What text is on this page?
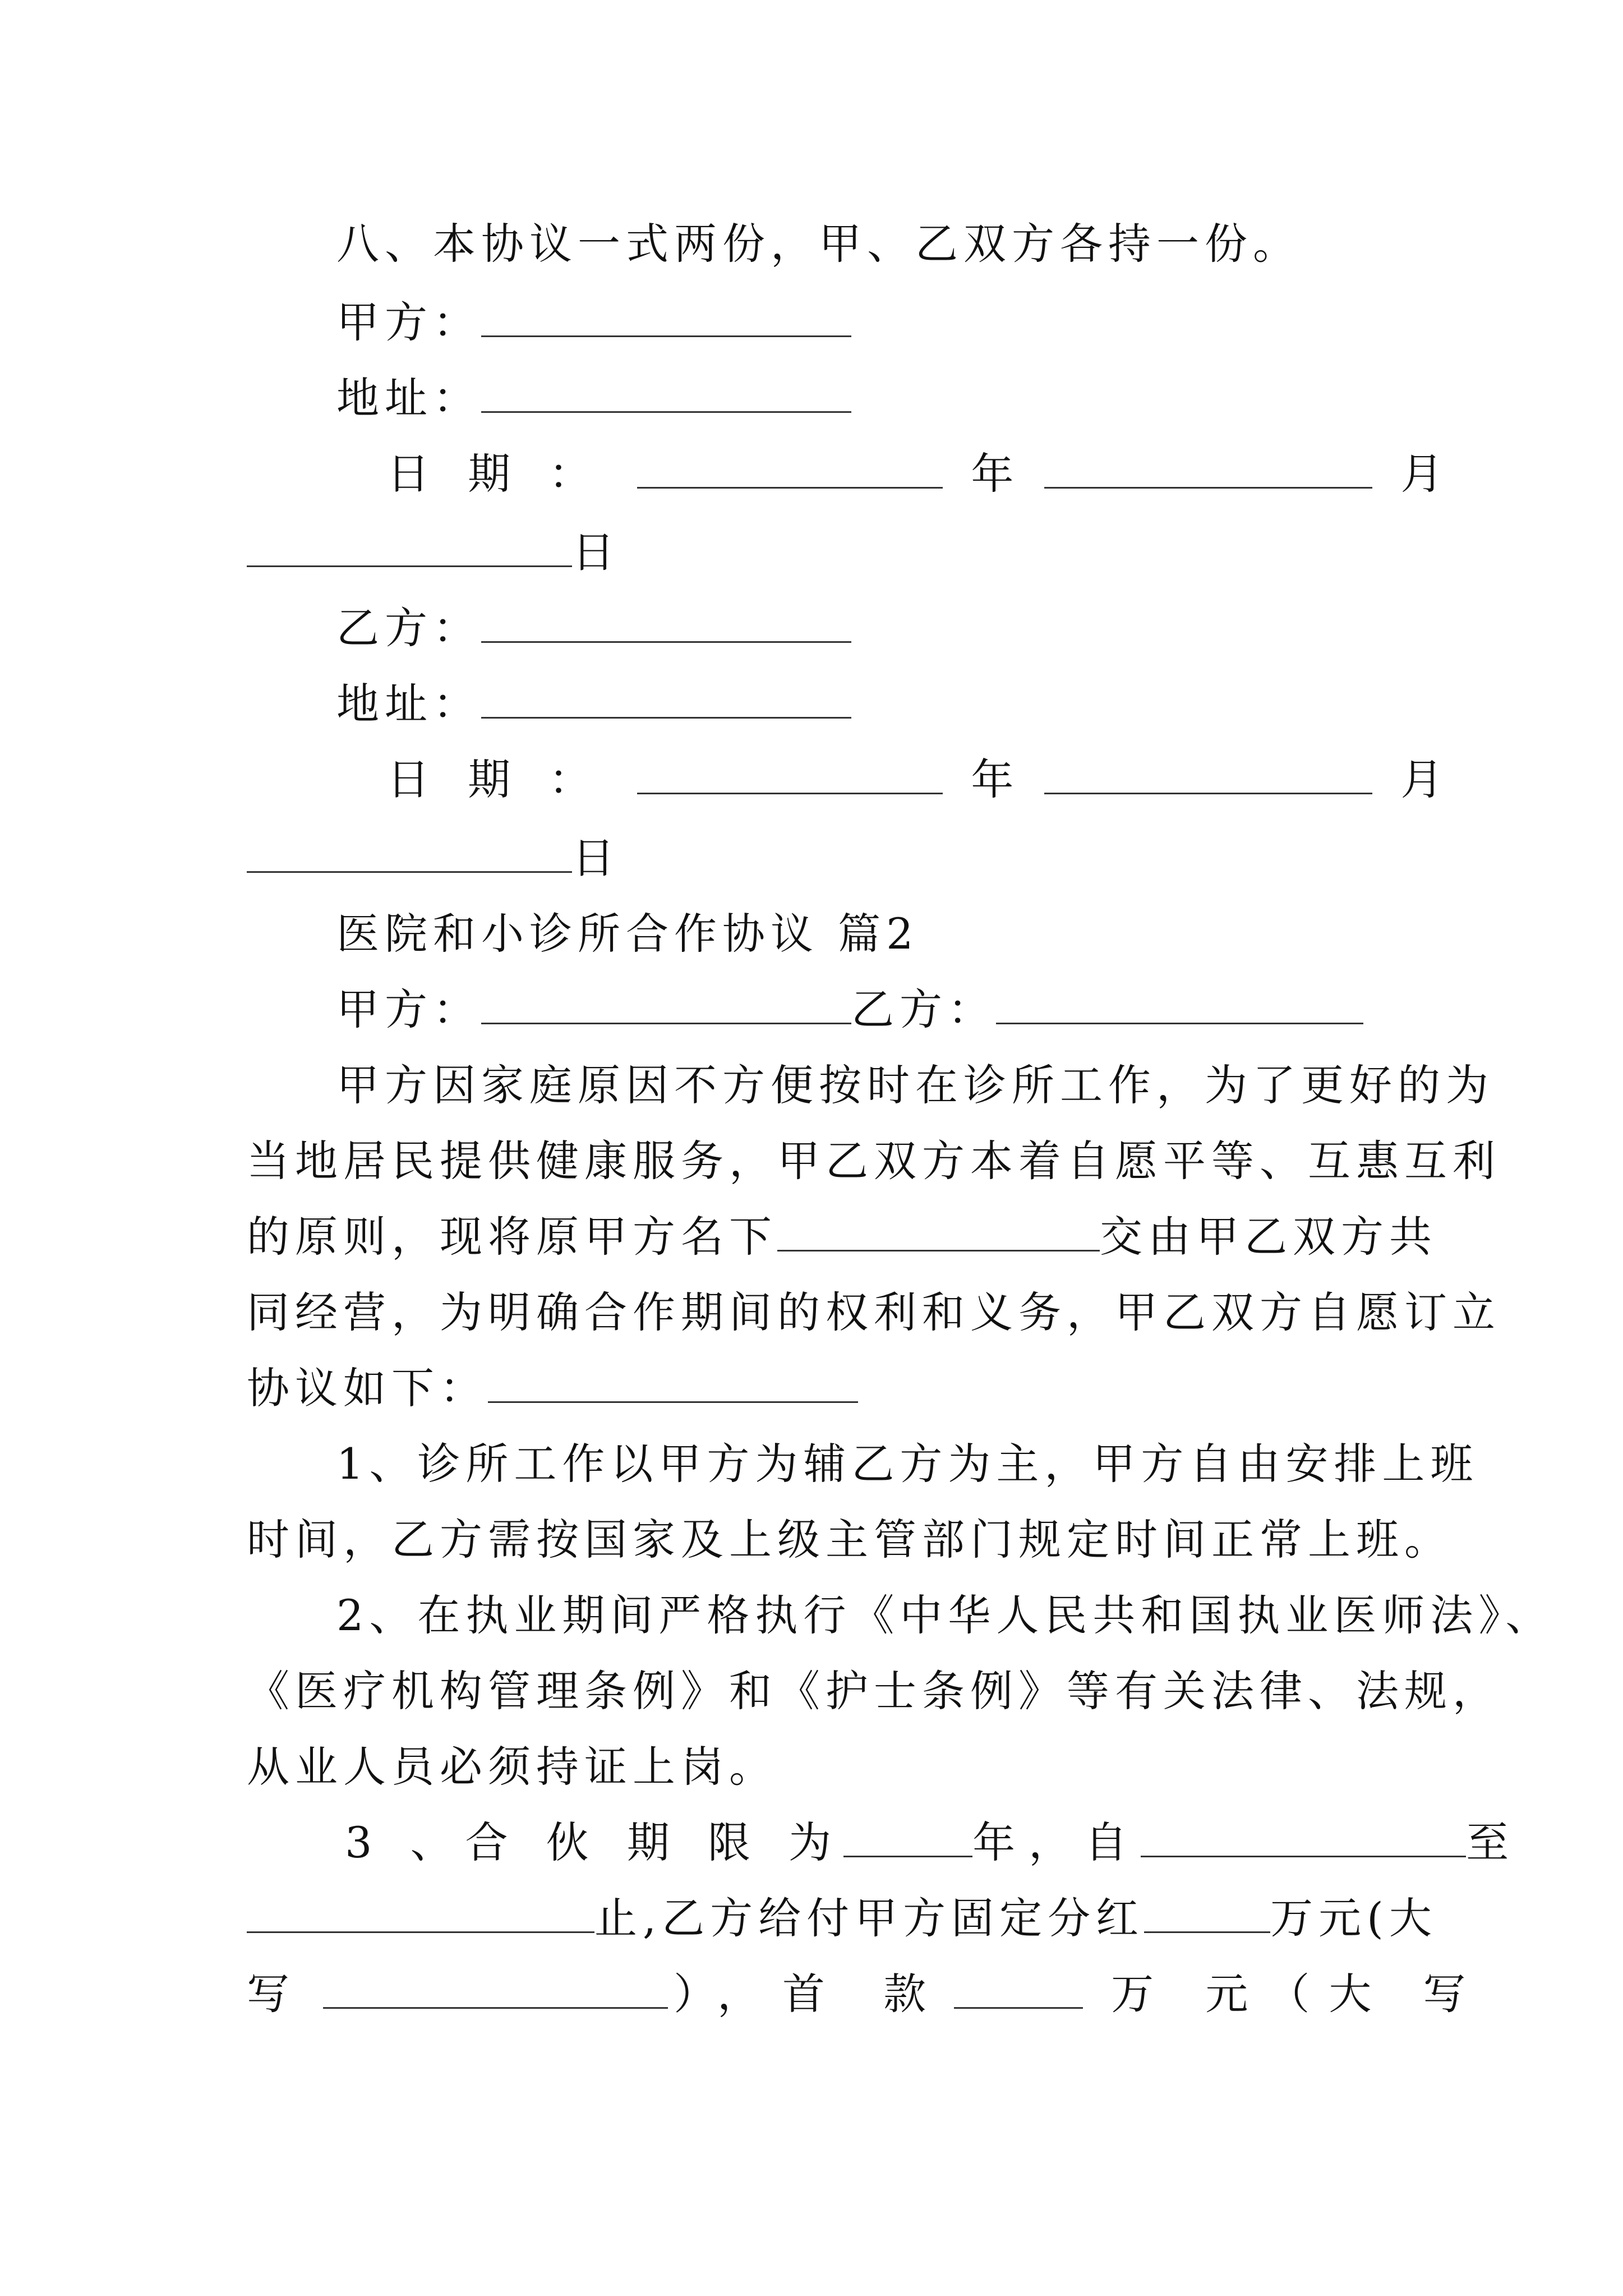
八、本协议一式两份，甲、乙双方各持一份。
甲方：
地址：
日 期 ：	年	月
日
乙方：
地址：
日 期 ：	年	月
日
医院和小诊所合作协议 篇2
甲方：	乙方：
甲方因家庭原因不方便按时在诊所工作，为了更好的为
当地居民提供健康服务，甲乙双方本着自愿平等、互惠互利
的原则，现将原甲方名下	交由甲乙双方共
同经营，为明确合作期间的权利和义务，甲乙双方自愿订立
协议如下：
1、诊所工作以甲方为辅乙方为主，甲方自由安排上班
时间，乙方需按国家及上级主管部门规定时间正常上班。
2、在执业期间严格执行《中华人民共和国执业医师法》、
《医疗机构管理条例》和《护士条例》等有关法律、法规，
从业人员必须持证上岗。
3 、合 伙 期 限 为	年，自	至
止,乙方给付甲方固定分红	万元(大
写	），首 款	万 元（大 写
